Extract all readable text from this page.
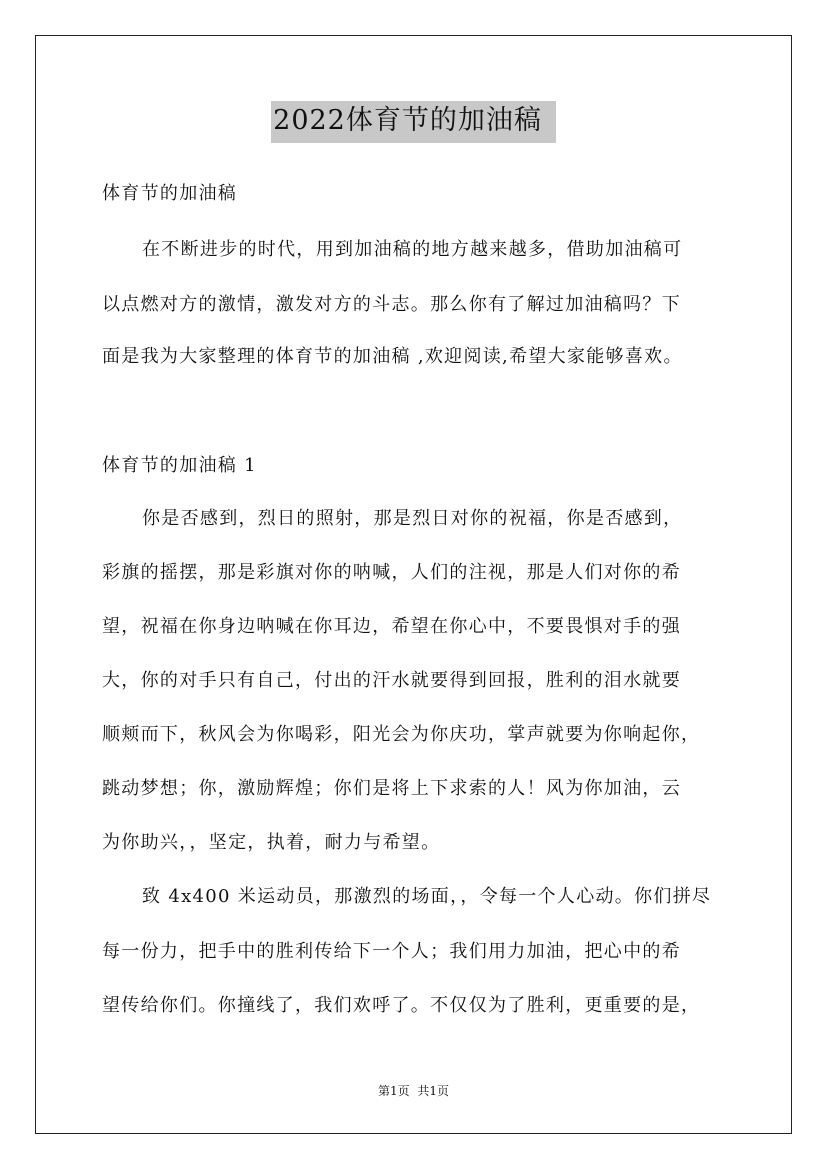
2022体育节的加油稿
体育节的加油稿
在不断进步的时代，用到加油稿的地方越来越多，借助加油稿可
以点燃对方的激情，激发对方的斗志。那么你有了解过加油稿吗？下
面是我为大家整理的体育节的加油稿 ,欢迎阅读,希望大家能够喜欢。
体育节的加油稿 1
你是否感到，烈日的照射，那是烈日对你的祝福，你是否感到，
彩旗的摇摆，那是彩旗对你的呐喊，人们的注视，那是人们对你的希
望，祝福在你身边呐喊在你耳边，希望在你心中，不要畏惧对手的强
大，你的对手只有自己，付出的汗水就要得到回报，胜利的泪水就要
顺颊而下，秋风会为你喝彩，阳光会为你庆功，掌声就要为你响起你，
跳动梦想；你，激励辉煌；你们是将上下求索的人！风为你加油，云
为你助兴，，坚定，执着，耐力与希望。
致 4x400 米运动员，那激烈的场面，，令每一个人心动。你们拼尽
每一份力，把手中的胜利传给下一个人；我们用力加油，把心中的希
望传给你们。你撞线了，我们欢呼了。不仅仅为了胜利，更重要的是，
第1页 共1页
